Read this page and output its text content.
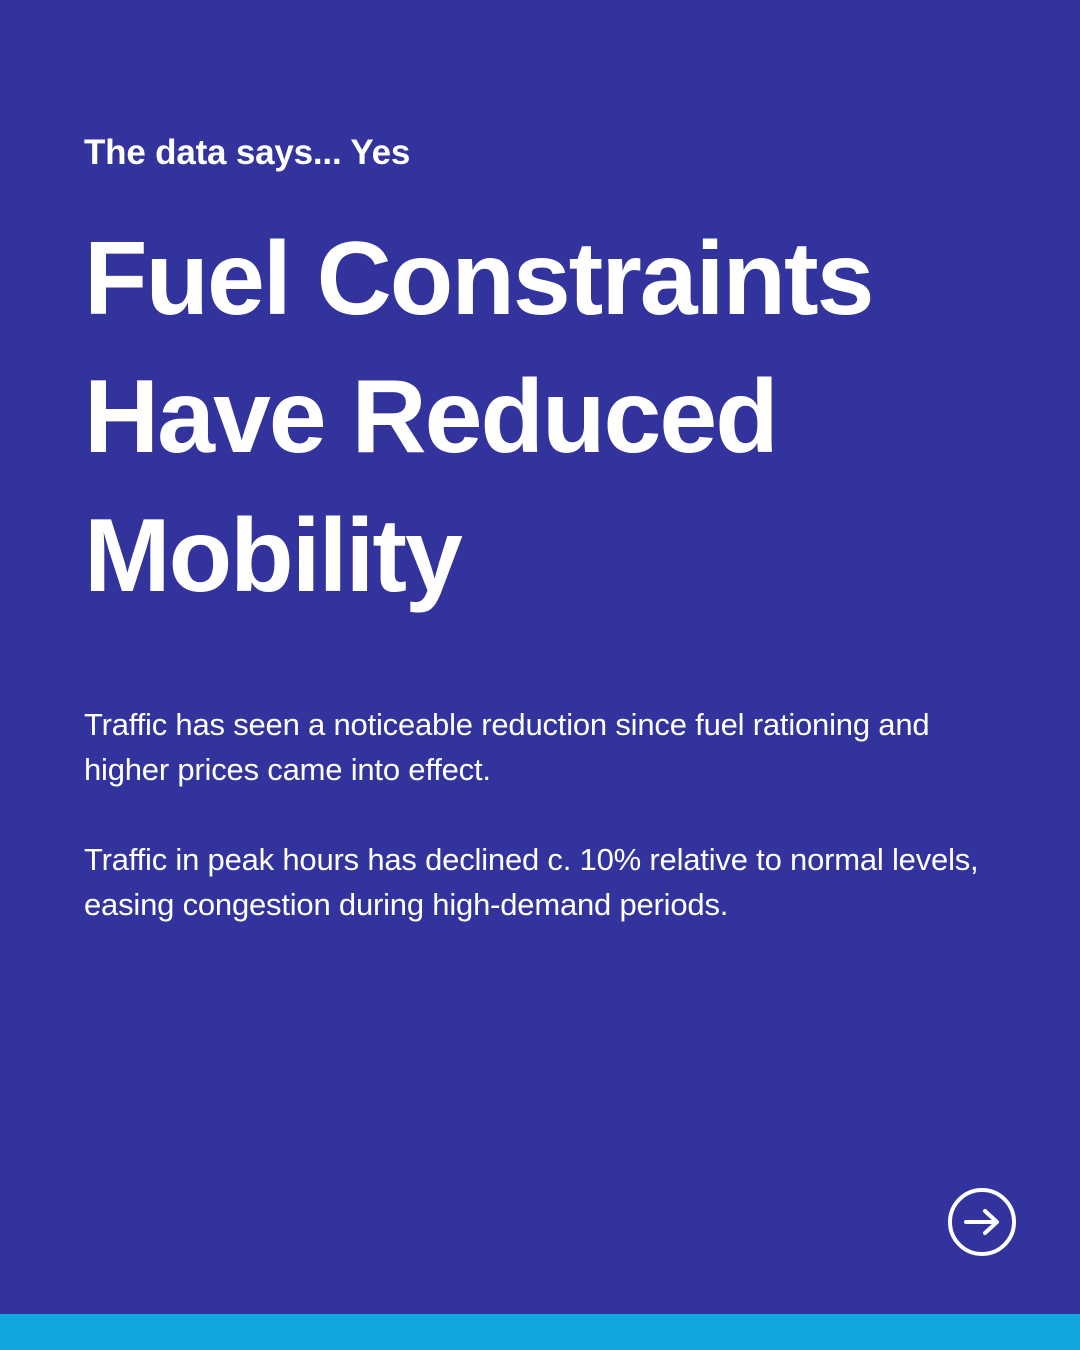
The data says... Yes

Fuel Constraints Have Reduced Mobility

Traffic has seen a noticeable reduction since fuel rationing and higher prices came into effect.

Traffic in peak hours has declined c. 10% relative to normal levels, easing congestion during high-demand periods.
